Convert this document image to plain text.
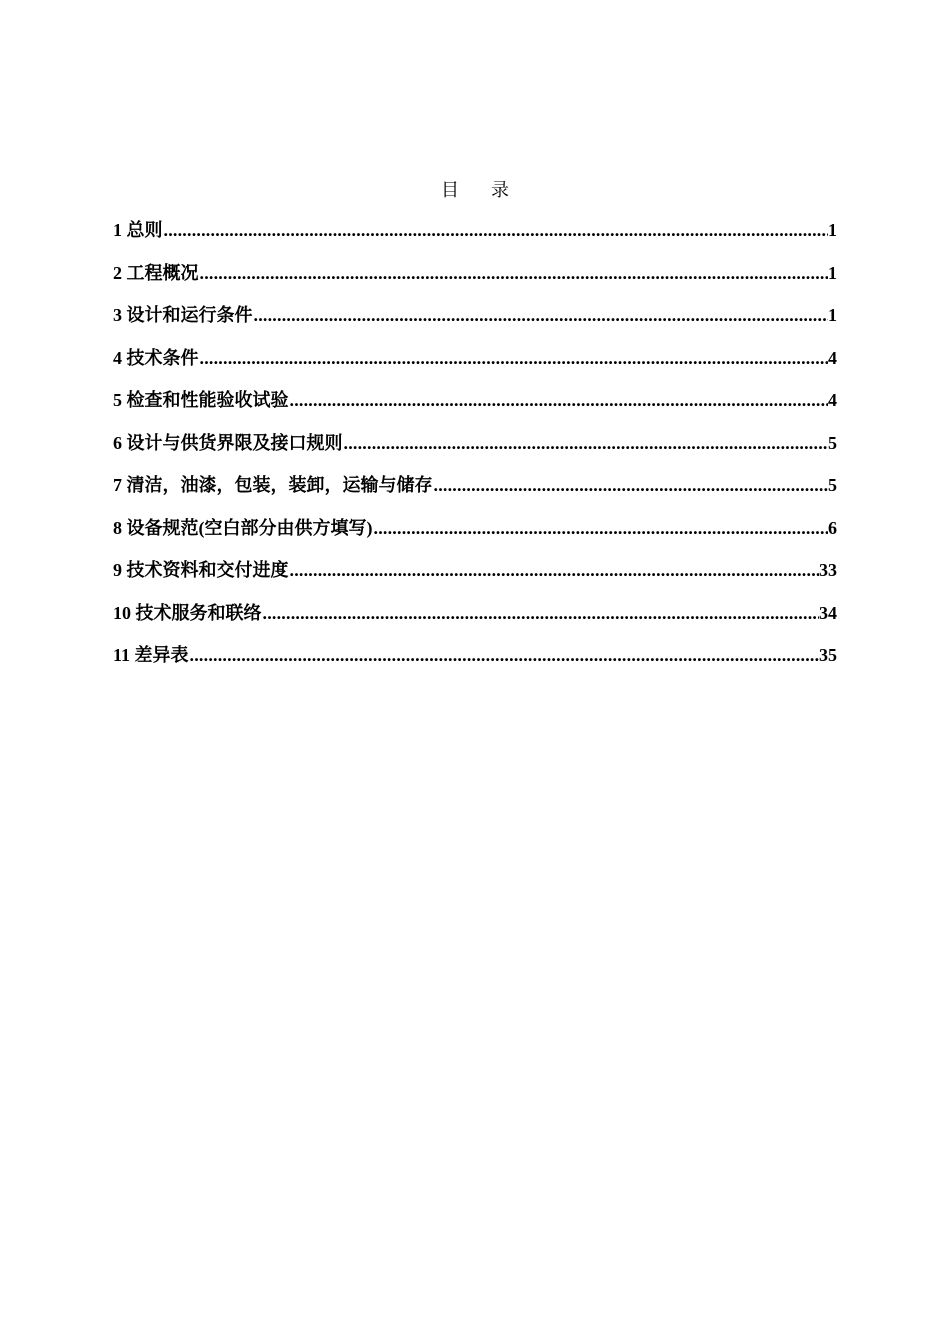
目 录
1 总则 .....	1
2 工程概况 .....	1
3 设计和运行条件 .....	1
4 技术条件 .....	4
5 检查和性能验收试验 .....	4
6 设计与供货界限及接口规则 .....	5
7 清洁，油漆，包装，装卸，运输与储存 .....	5
8 设备规范(空白部分由供方填写) .....	6
9 技术资料和交付进度 .....	33
10 技术服务和联络 .....	34
11 差异表 .....	35
